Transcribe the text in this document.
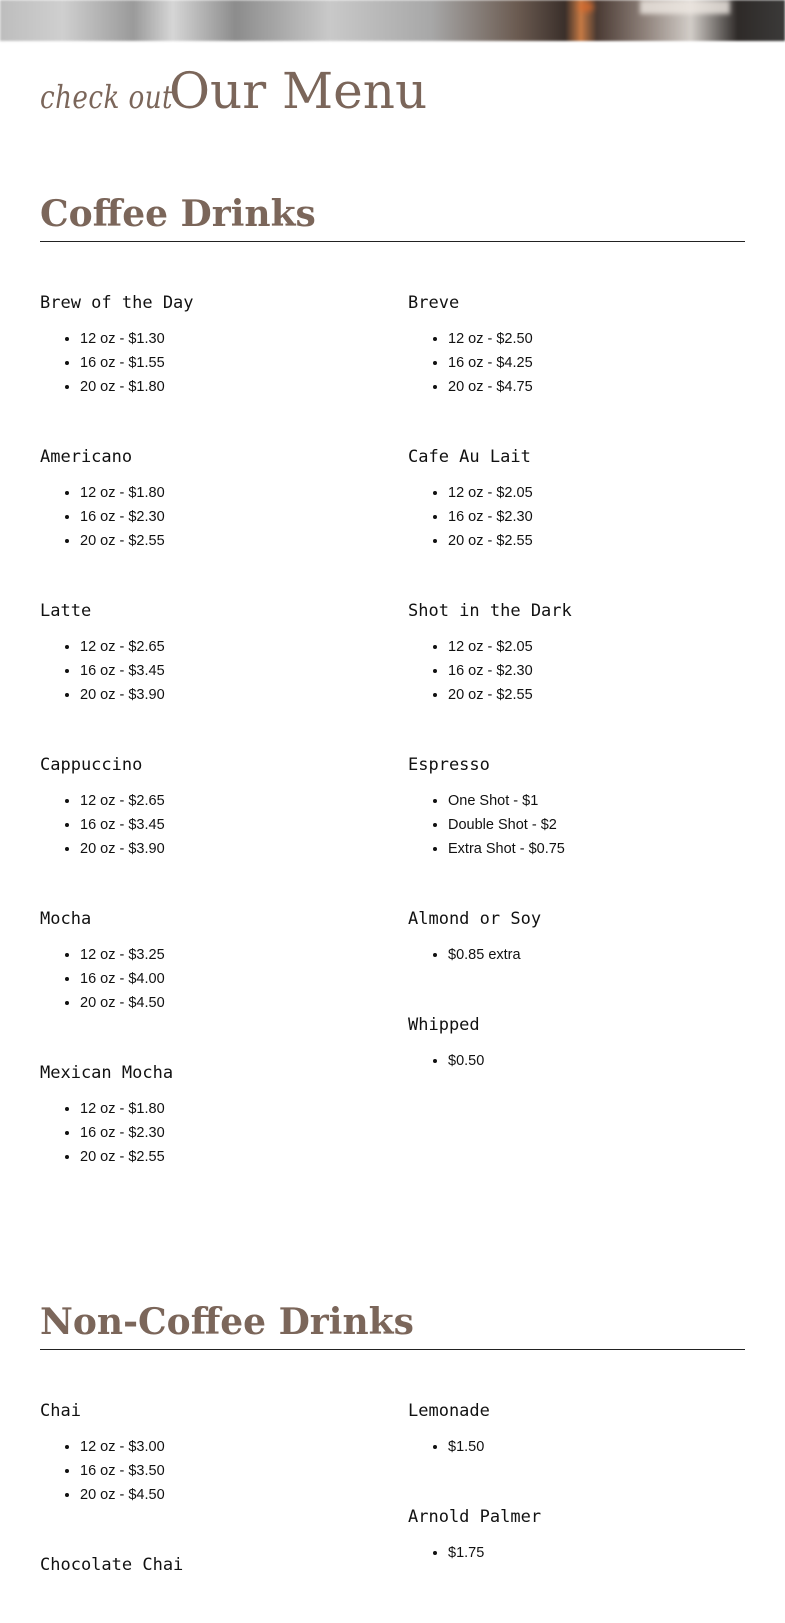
check out
Our Menu
Coffee Drinks
Brew of the Day
• 12 oz - $1.30
• 16 oz - $1.55
• 20 oz - $1.80
Americano
• 12 oz - $1.80
• 16 oz - $2.30
• 20 oz - $2.55
Latte
• 12 oz - $2.65
• 16 oz - $3.45
• 20 oz - $3.90
Cappuccino
• 12 oz - $2.65
• 16 oz - $3.45
• 20 oz - $3.90
Mocha
• 12 oz - $3.25
• 16 oz - $4.00
• 20 oz - $4.50
Mexican Mocha
• 12 oz - $1.80
• 16 oz - $2.30
• 20 oz - $2.55
Breve
• 12 oz - $2.50
• 16 oz - $4.25
• 20 oz - $4.75
Cafe Au Lait
• 12 oz - $2.05
• 16 oz - $2.30
• 20 oz - $2.55
Shot in the Dark
• 12 oz - $2.05
• 16 oz - $2.30
• 20 oz - $2.55
Espresso
• One Shot - $1
• Double Shot - $2
• Extra Shot - $0.75
Almond or Soy
• $0.85 extra
Whipped
• $0.50
Non-Coffee Drinks
Chai
• 12 oz - $3.00
• 16 oz - $3.50
• 20 oz - $4.50
Chocolate Chai
Lemonade
• $1.50
Arnold Palmer
• $1.75
